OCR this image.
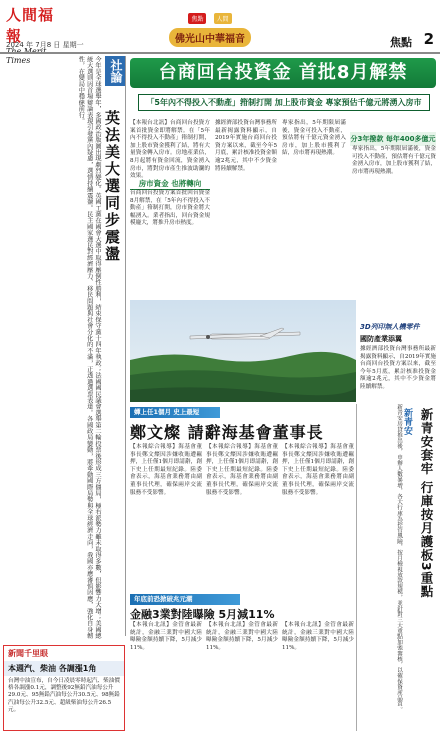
人間福報
Times
2024 年 7月8 日 星期一
焦點 人間
佛光山中華福音	焦點 2
社論
英法美大選同步震盪
今年是全球選舉年，多國政治版圖出現劇烈變化。英國工黨在國會大選中取得壓倒性勝利，結束保守黨十四年執政；法國國民議會選舉第二輪投票後形成三方僵局，極右派勢力雖未取得多數，但影響力大增；美國總統大選則因首場辯論表現引發黨內疑慮，選情持續震盪。民主國家選民對經濟壓力、移民問題與社會分化的不滿，正透過選票表達。各國政局變動，將牽動國際局勢與全球經濟走向，我國亦應審慎因應，強化自身韌性，在變局中穩健前行。
新聞千里眼
本週汽、柴油 各調漲1角
台灣中油宣布，自今日凌晨零時起汽、柴油價格各調漲0.1元，調整後92無鉛汽油每公升29.0元、95無鉛汽油每公升30.5元、98無鉛汽油每公升32.5元、超級柴油每公升26.5元。
台商回台投資金 首批8月解禁
「5年內不得投入不動產」箝制打開 加上股市資金 專家預估千億元將湧入房市
【本報台北訊】台商回台投資方案首批資金即將解禁。在「5年內不得投入不動產」箝制打開，加上股市資金獲利了結，將有大量資金轉入房市。房地產業估，8月起將有資金回流，資金湧入房市，將對房市產生推波助瀾的效果。
房市資金 也將轉向
台商回台投資方案首批回台資金8月解禁，在「5年內不得投入不動產」箝制打開，房市資金將大幅湧入。業者指出，回台資金規模龐大，將推升房市熱度。
據經濟部投資台灣事務所最新揭露資料顯示，自2019年實施台商回台投資方案以來，截至今年5月底，累計核准投資金額逾2兆元，其中不少資金將陸續解禁。
專家指出，5年期限屆滿後，資金可投入不動產，預估將有千億元資金湧入房市，加上股市獲利了結，房市將再現熱潮。
分3年撥款 每年400多億元
專家指出，5年期限屆滿後，資金可投入不動產，預估將有千億元資金湧入房市，加上股市獲利了結，房市將再現熱潮。
3D列印無人機零件
國防產業添翼
據經濟部投資台灣事務所最新揭露資料顯示，自2019年實施台商回台投資方案以來，截至今年5月底，累計核准投資金額逾2兆元，其中不少資金將陸續解禁。
蟬上任1個月 史上最短
鄭文燦 請辭海基會董事長
【本報綜合報導】海基會董事長鄭文燦因涉嫌收賄遭羈押，上任僅1個月即請辭，創下史上任期最短紀錄。陸委會表示，海基會業務將由副董事長代理，確保兩岸交流服務不受影響。
【本報綜合報導】海基會董事長鄭文燦因涉嫌收賄遭羈押，上任僅1個月即請辭，創下史上任期最短紀錄。陸委會表示，海基會業務將由副董事長代理，確保兩岸交流服務不受影響。
【本報綜合報導】海基會董事長鄭文燦因涉嫌收賄遭羈押，上任僅1個月即請辭，創下史上任期最短紀錄。陸委會表示，海基會業務將由副董事長代理，確保兩岸交流服務不受影響。
年底前恐掀破兆元潮
金融3業對陸曝險 5月減11%
【本報台北訊】金管會最新統計，金融三業對中國大陸曝險金額持續下降，5月減少11%。
【本報台北訊】金管會最新統計，金融三業對中國大陸曝險金額持續下降，5月減少11%。
【本報台北訊】金管會最新統計，金融三業對中國大陸曝險金額持續下降，5月減少11%。	新青安房貸推出後，申辦人數暴增，各大行庫為控管風險，按月檢視放款規模，並針對三大重點加強審核，以確保資產品質。 新青安 新青安套牢 行庫按月護板3重點
